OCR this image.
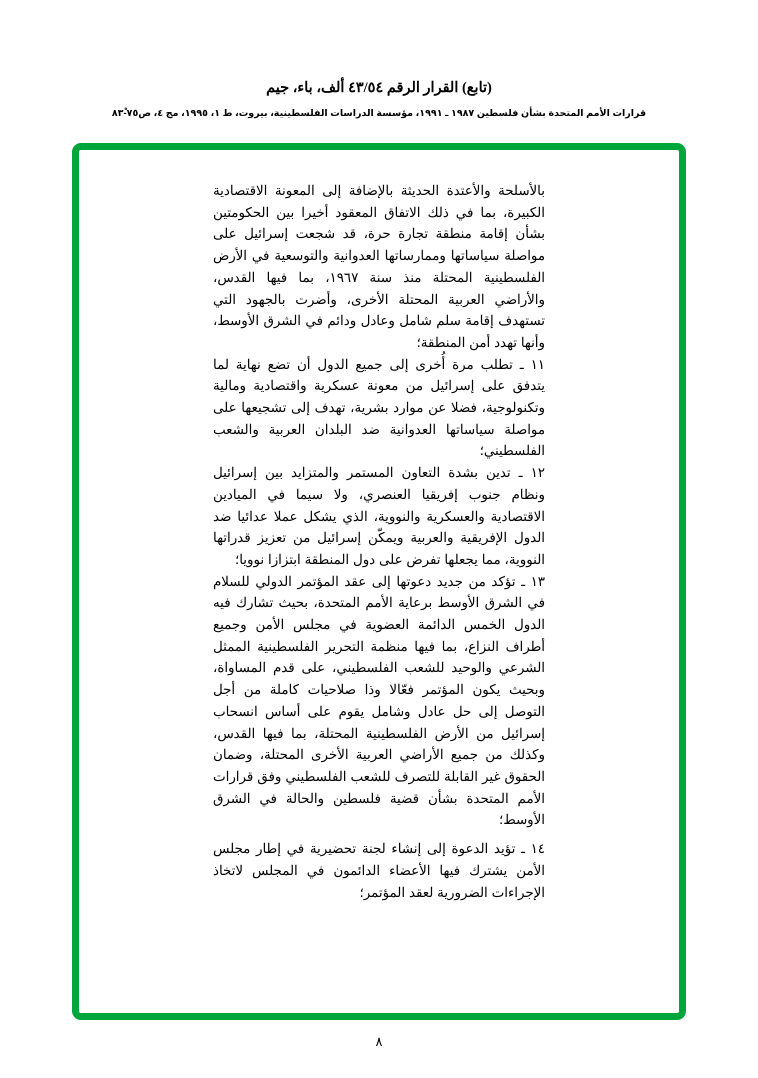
(تابع) القرار الرقم ٤٣/٥٤ ألف، باء، جيم
قرارات الأمم المتحدة بشأن فلسطين ١٩٨٧ ـ ١٩٩١، مؤسسة الدراسات الفلسطينية، بيروت، ط ١، ١٩٩٥، مج ٤، ص٧٥-٨٣ْ

بالأسلحة والأعتدة الحديثة بالإضافة إلى المعونة الاقتصادية الكبيرة، بما في ذلك الاتفاق المعقود أخيرا بين الحكومتين بشأن إقامة منطقة تجارة حرة، قد شجعت إسرائيل على مواصلة سياساتها وممارساتها العدوانية والتوسعية في الأرض الفلسطينية المحتلة منذ سنة ١٩٦٧، بما فيها القدس، والأراضي العربية المحتلة الأخرى، وأضرت بالجهود التي تستهدف إقامة سلم شامل وعادل ودائم في الشرق الأوسط، وأنها تهدد أمن المنطقة؛

١١ ـ تطلب مرة أُخرى إلى جميع الدول أن تضع نهاية لما يتدفق على إسرائيل من معونة عسكرية واقتصادية ومالية وتكنولوجية، فضلا عن موارد بشرية، تهدف إلى تشجيعها على مواصلة سياساتها العدوانية ضد البلدان العربية والشعب الفلسطيني؛

١٢ ـ تدين بشدة التعاون المستمر والمتزايد بين إسرائيل ونظام جنوب إفريقيا العنصري، ولا سيما في الميادين الاقتصادية والعسكرية والنووية، الذي يشكل عملا عدائيا ضد الدول الإفريقية والعربية ويمكّن إسرائيل من تعزيز قدراتها النووية، مما يجعلها تفرض على دول المنطقة ابتزازا نوويا؛

١٣ ـ تؤكد من جديد دعوتها إلى عقد المؤتمر الدولي للسلام في الشرق الأوسط برعاية الأمم المتحدة، بحيث تشارك فيه الدول الخمس الدائمة العضوية في مجلس الأمن وجميع أطراف النزاع، بما فيها منظمة التحرير الفلسطينية الممثل الشرعي والوحيد للشعب الفلسطيني، على قدم المساواة، وبحيث يكون المؤتمر فعّالا وذا صلاحيات كاملة من أجل التوصل إلى حل عادل وشامل يقوم على أساس انسحاب إسرائيل من الأرض الفلسطينية المحتلة، بما فيها القدس، وكذلك من جميع الأراضي العربية الأخرى المحتلة، وضمان الحقوق غير القابلة للتصرف للشعب الفلسطيني وفق قرارات الأمم المتحدة بشأن قضية فلسطين والحالة في الشرق الأوسط؛

١٤ ـ تؤيد الدعوة إلى إنشاء لجنة تحضيرية في إطار مجلس الأمن يشترك فيها الأعضاء الدائمون في المجلس لاتخاذ الإجراءات الضرورية لعقد المؤتمر؛

٨
